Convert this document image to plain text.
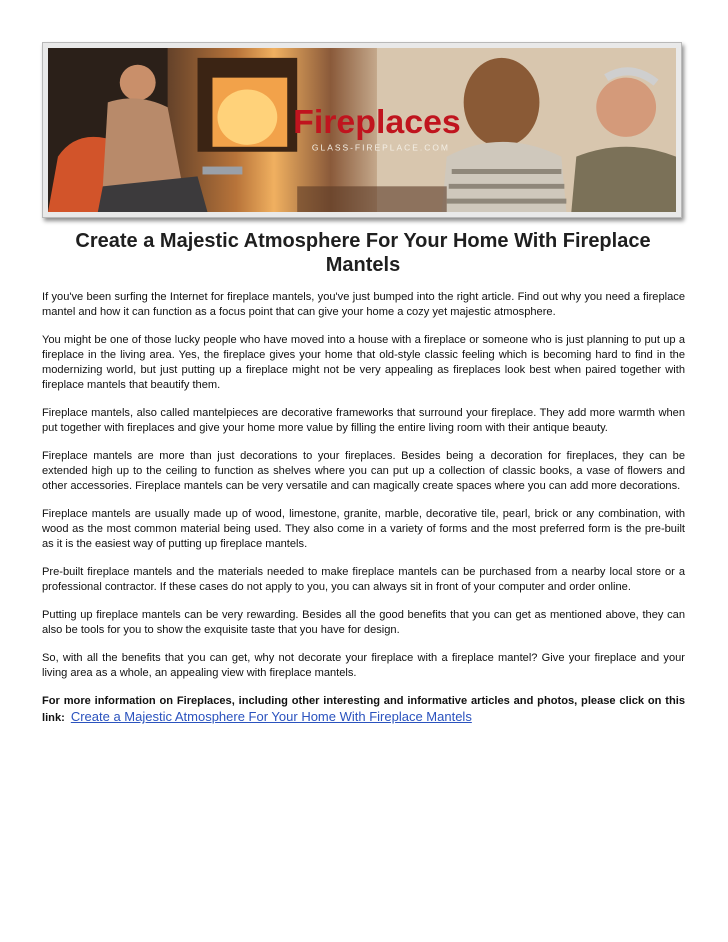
Fireplaces
GLASS-FIREPLACE.COM
Create a Majestic Atmosphere For Your Home With Fireplace Mantels

If you've been surfing the Internet for fireplace mantels, you've just bumped into the right article. Find out why you need a fireplace mantel and how it can function as a focus point that can give your home a cozy yet majestic atmosphere.

You might be one of those lucky people who have moved into a house with a fireplace or someone who is just planning to put up a fireplace in the living area. Yes, the fireplace gives your home that old-style classic feeling which is becoming hard to find in the modernizing world, but just putting up a fireplace might not be very appealing as fireplaces look best when paired together with fireplace mantels that beautify them.

Fireplace mantels, also called mantelpieces are decorative frameworks that surround your fireplace. They add more warmth when put together with fireplaces and give your home more value by filling the entire living room with their antique beauty.

Fireplace mantels are more than just decorations to your fireplaces. Besides being a decoration for fireplaces, they can be extended high up to the ceiling to function as shelves where you can put up a collection of classic books, a vase of flowers and other accessories. Fireplace mantels can be very versatile and can magically create spaces where you can add more decorations.

Fireplace mantels are usually made up of wood, limestone, granite, marble, decorative tile, pearl, brick or any combination, with wood as the most common material being used. They also come in a variety of forms and the most preferred form is the pre-built as it is the easiest way of putting up fireplace mantels.

Pre-built fireplace mantels and the materials needed to make fireplace mantels can be purchased from a nearby local store or a professional contractor. If these cases do not apply to you, you can always sit in front of your computer and order online.

Putting up fireplace mantels can be very rewarding. Besides all the good benefits that you can get as mentioned above, they can also be tools for you to show the exquisite taste that you have for design.

So, with all the benefits that you can get, why not decorate your fireplace with a fireplace mantel? Give your fireplace and your living area as a whole, an appealing view with fireplace mantels.

For more information on Fireplaces, including other interesting and informative articles and photos, please click on this link: Create a Majestic Atmosphere For Your Home With Fireplace Mantels
